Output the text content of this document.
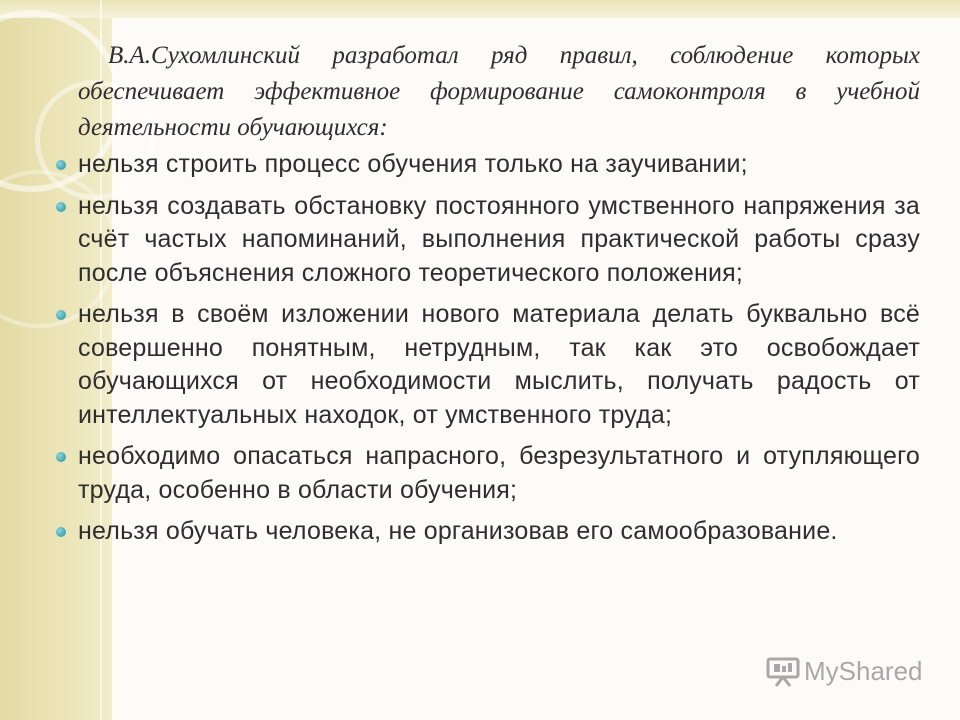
В.А.Сухомлинский разработал ряд правил, соблюдение которых обеспечивает эффективное формирование самоконтроля в учебной деятельности обучающихся:

нельзя строить процесс обучения только на заучивании;
нельзя создавать обстановку постоянного умственного напряжения за счёт частых напоминаний, выполнения практической работы сразу после объяснения сложного теоретического положения;
нельзя в своём изложении нового материала делать буквально всё совершенно понятным, нетрудным, так как это освобождает обучающихся от необходимости мыслить, получать радость от интеллектуальных находок, от умственного труда;
необходимо опасаться напрасного, безрезультатного и отупляющего труда, особенно в области обучения;
нельзя обучать человека, не организовав его самообразование.
MyShared
